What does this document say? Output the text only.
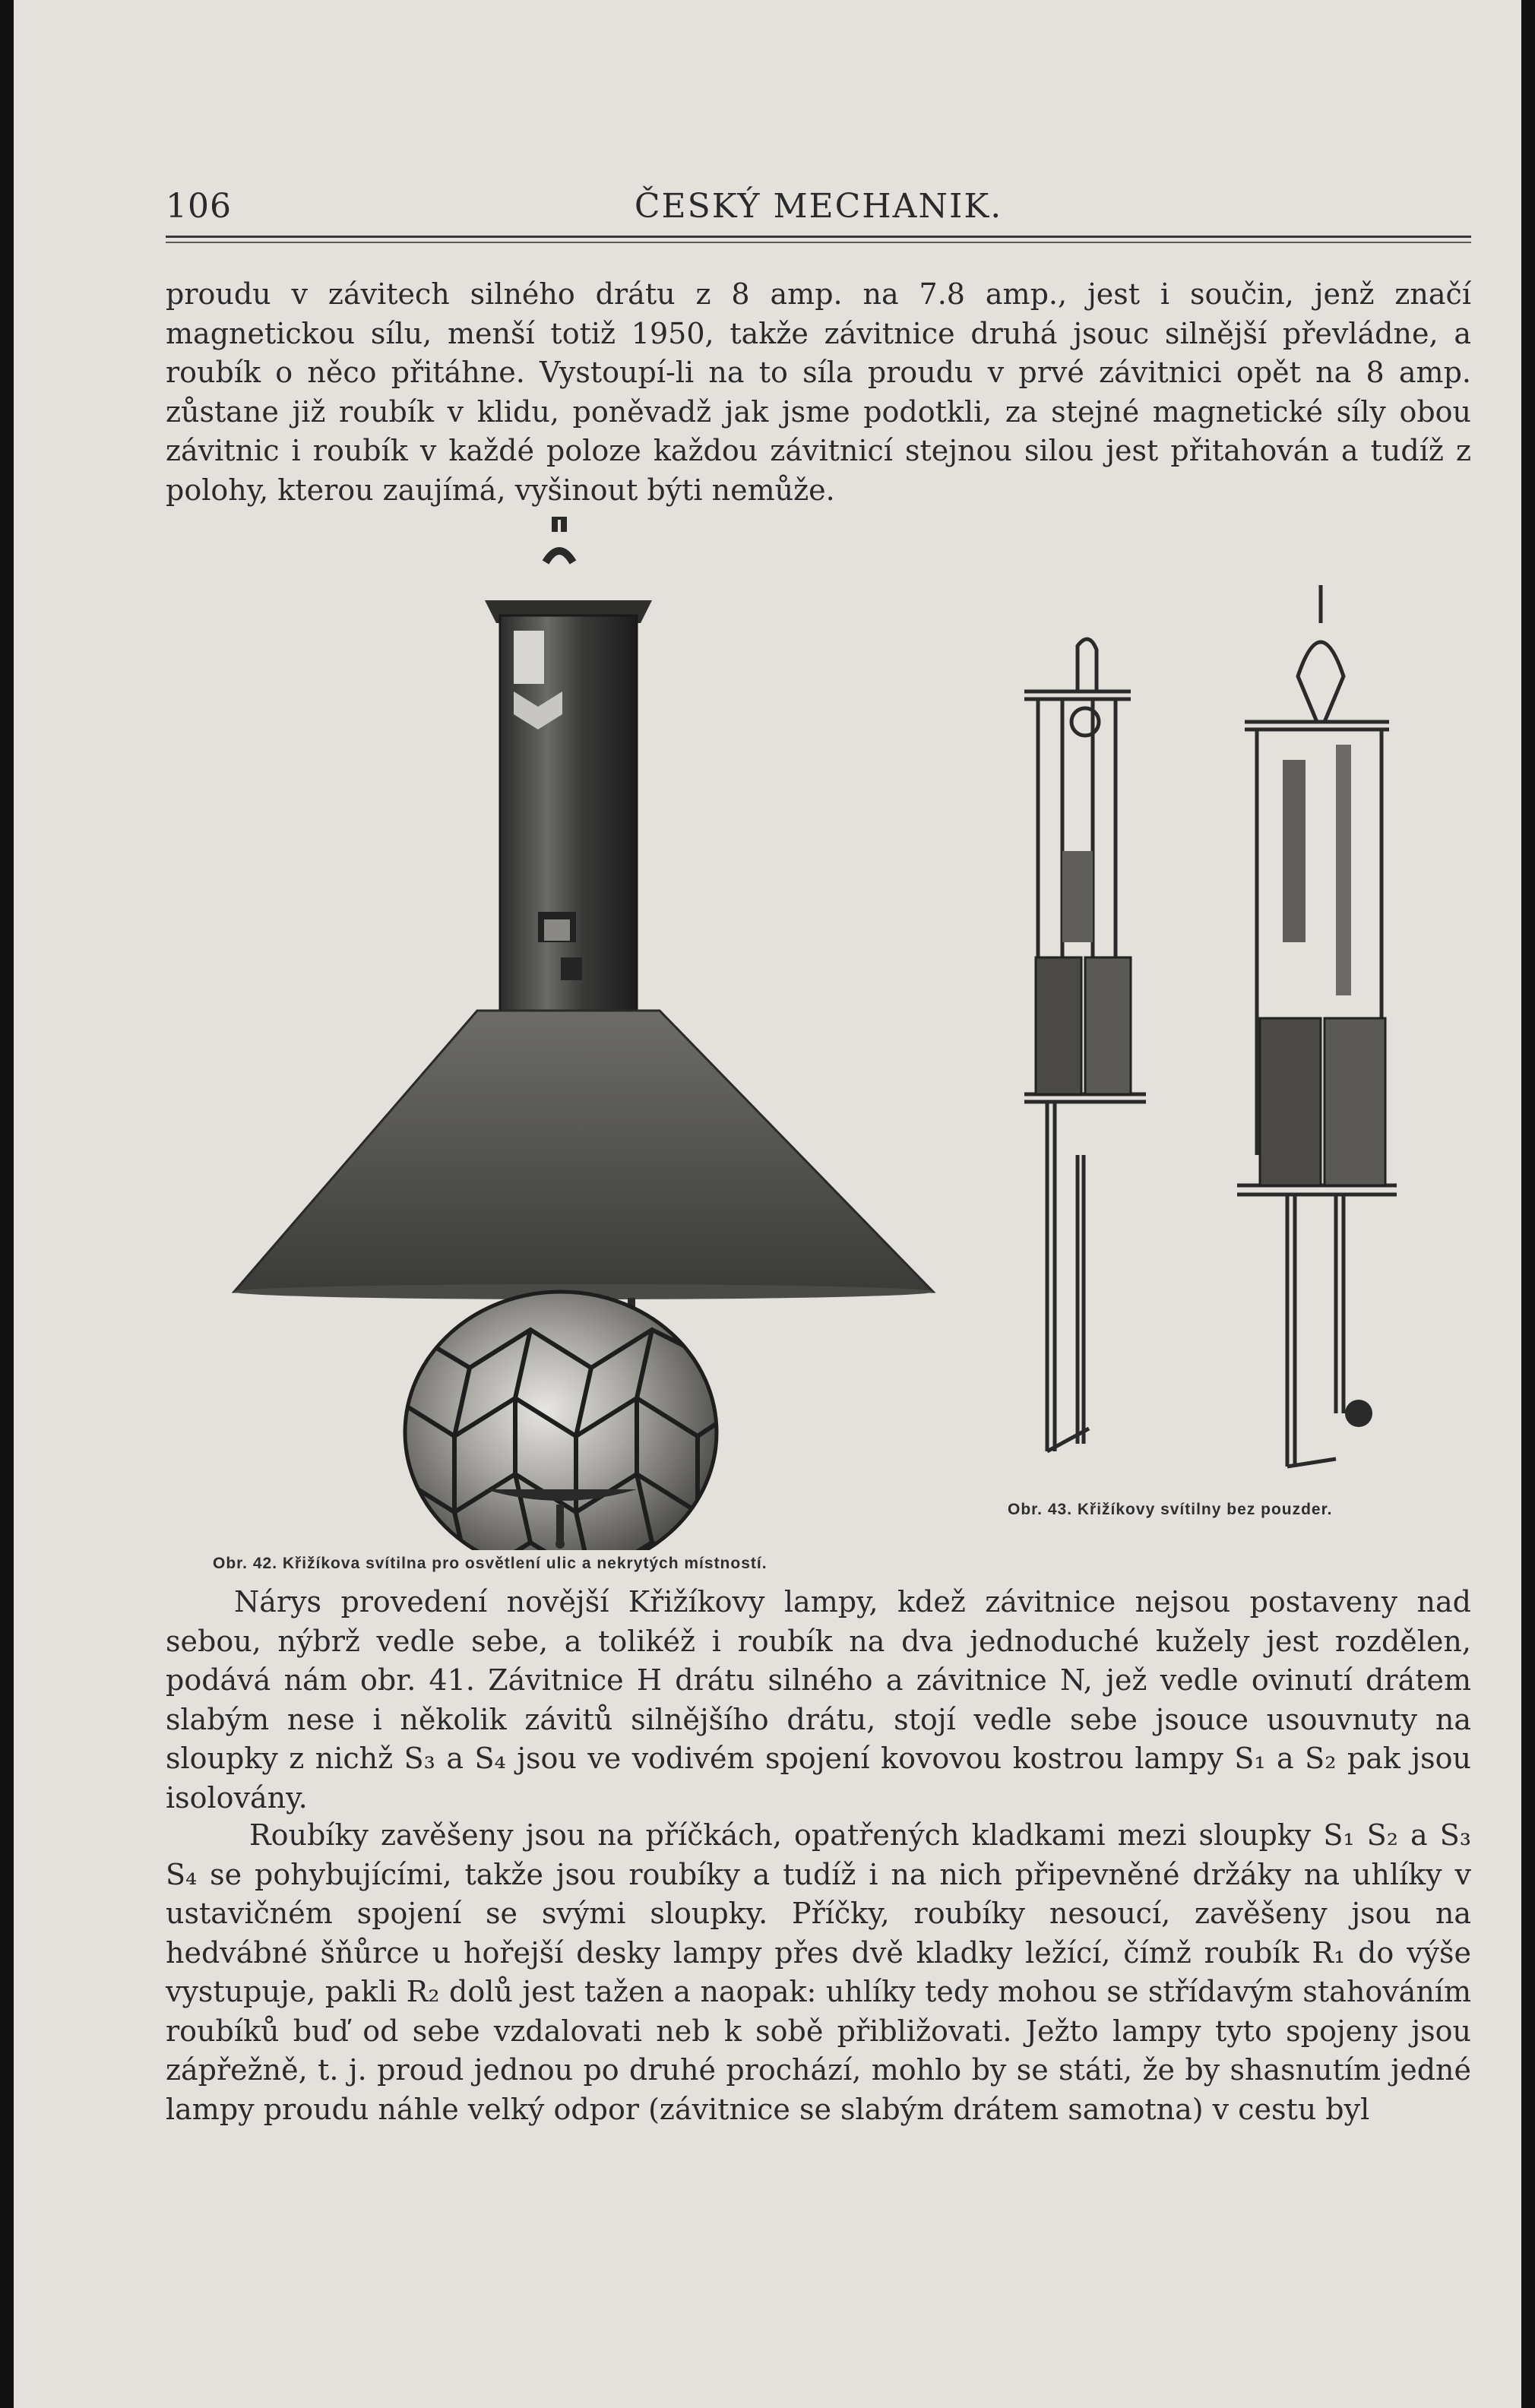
106	ČESKÝ MECHANIK.

proudu v závitech silného drátu z 8 amp. na 7.8 amp., jest i součin, jenž značí magnetickou sílu, menší totiž 1950, takže závitnice druhá jsouc silnější převládne, a roubík o něco přitáhne. Vystoupí-li na to síla proudu v prvé závitnici opět na 8 amp. zůstane již roubík v klidu, poněvadž jak jsme podotkli, za stejné magnetické síly obou závitnic i roubík v každé poloze každou závitnicí stejnou silou jest přitahován a tudíž z polohy, kterou zaujímá, vyšinout býti nemůže.

Obr. 43. Křižíkovy svítilny bez pouzder.
Obr. 42. Křižíkova svítilna pro osvětlení ulic a nekrytých místností.

Nárys provedení novější Křižíkovy lampy, kdež závitnice nejsou postaveny nad sebou, nýbrž vedle sebe, a tolikéž i roubík na dva jednoduché kužely jest rozdělen, podává nám obr. 41. Závitnice H drátu silného a závitnice N, jež vedle ovinutí drátem slabým nese i několik závitů silnějšího drátu, stojí vedle sebe jsouce usouvnuty na sloupky z nichž S₃ a S₄ jsou ve vodivém spojení kovovou kostrou lampy S₁ a S₂ pak jsou isolovány.

Roubíky zavěšeny jsou na příčkách, opatřených kladkami mezi sloupky S₁ S₂ a S₃ S₄ se pohybujícími, takže jsou roubíky a tudíž i na nich připevněné držáky na uhlíky v ustavičném spojení se svými sloupky. Příčky, roubíky nesoucí, zavěšeny jsou na hedvábné šňůrce u hořejší desky lampy přes dvě kladky ležící, čímž roubík R₁ do výše vystupuje, pakli R₂ dolů jest tažen a naopak: uhlíky tedy mohou se střídavým stahováním roubíků buď od sebe vzdalovati neb k sobě přibližovati. Ježto lampy tyto spojeny jsou zápřežně, t. j. proud jednou po druhé prochází, mohlo by se státi, že by shasnutím jedné lampy proudu náhle velký odpor (závitnice se slabým drátem samotna) v cestu byl
